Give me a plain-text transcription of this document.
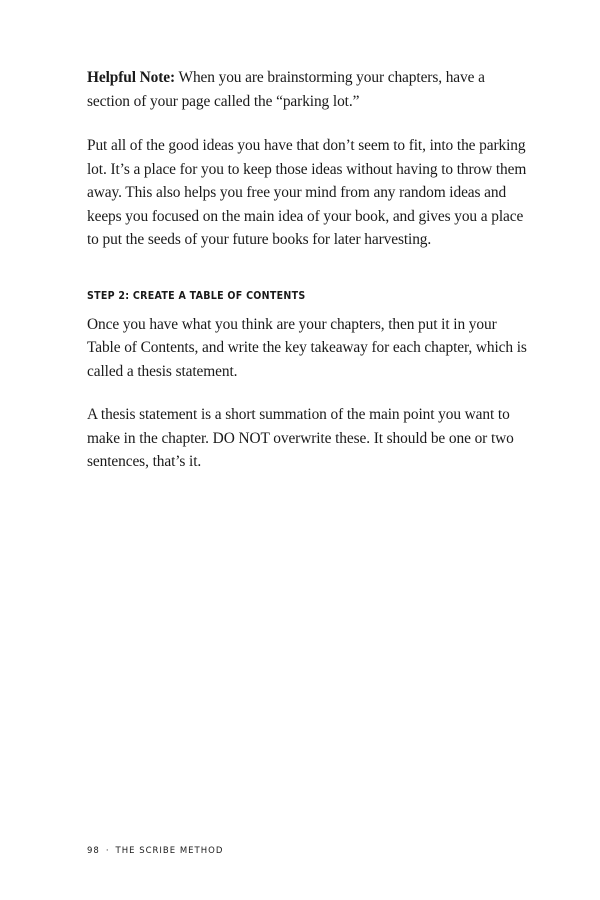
Helpful Note: When you are brainstorming your chapters, have a section of your page called the “parking lot.”

Put all of the good ideas you have that don’t seem to fit, into the parking lot. It’s a place for you to keep those ideas without having to throw them away. This also helps you free your mind from any random ideas and keeps you focused on the main idea of your book, and gives you a place to put the seeds of your future books for later harvesting.

STEP 2: CREATE A TABLE OF CONTENTS

Once you have what you think are your chapters, then put it in your Table of Contents, and write the key takeaway for each chapter, which is called a thesis statement.

A thesis statement is a short summation of the main point you want to make in the chapter. DO NOT overwrite these. It should be one or two sentences, that’s it.

98 · THE SCRIBE METHOD
